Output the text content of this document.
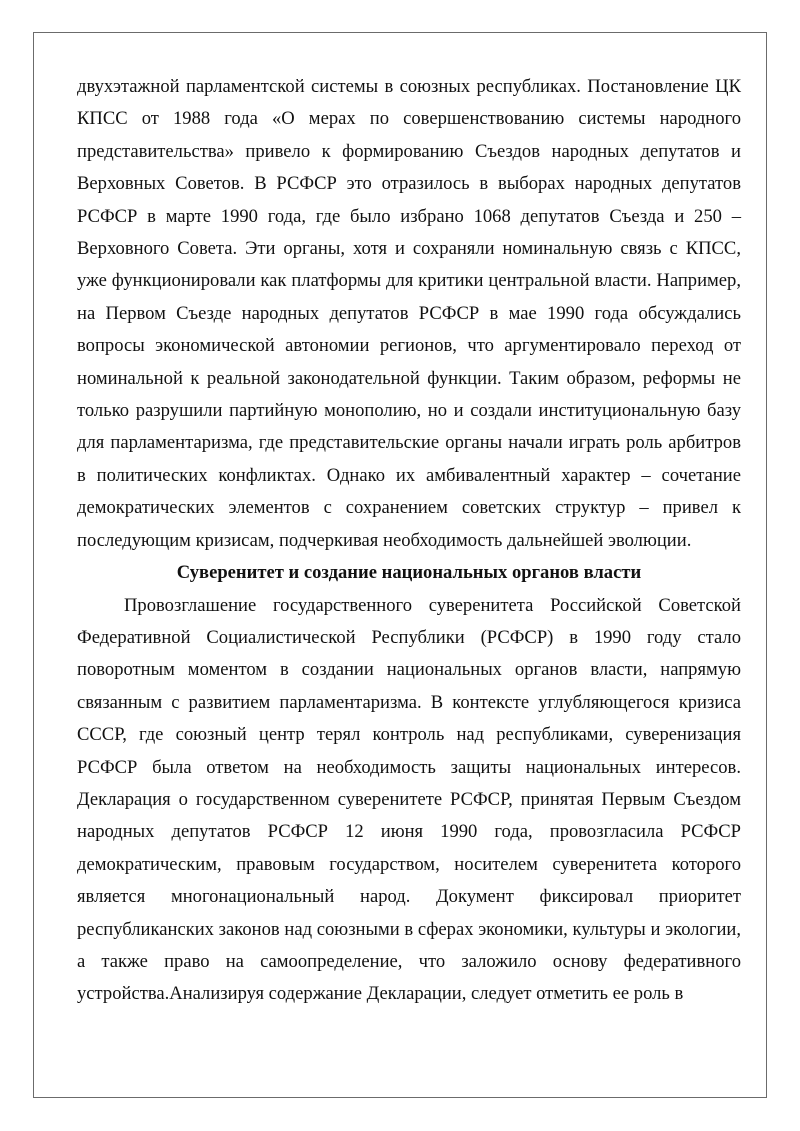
двухэтажной парламентской системы в союзных республиках. Постановление ЦК КПСС от 1988 года «О мерах по совершенствованию системы народного представительства» привело к формированию Съездов народных депутатов и Верховных Советов. В РСФСР это отразилось в выборах народных депутатов РСФСР в марте 1990 года, где было избрано 1068 депутатов Съезда и 250 – Верховного Совета. Эти органы, хотя и сохраняли номинальную связь с КПСС, уже функционировали как платформы для критики центральной власти. Например, на Первом Съезде народных депутатов РСФСР в мае 1990 года обсуждались вопросы экономической автономии регионов, что аргументировало переход от номинальной к реальной законодательной функции. Таким образом, реформы не только разрушили партийную монополию, но и создали институциональную базу для парламентаризма, где представительские органы начали играть роль арбитров в политических конфликтах. Однако их амбивалентный характер – сочетание демократических элементов с сохранением советских структур – привел к последующим кризисам, подчеркивая необходимость дальнейшей эволюции.

Суверенитет и создание национальных органов власти

Провозглашение государственного суверенитета Российской Советской Федеративной Социалистической Республики (РСФСР) в 1990 году стало поворотным моментом в создании национальных органов власти, напрямую связанным с развитием парламентаризма. В контексте углубляющегося кризиса СССР, где союзный центр терял контроль над республиками, суверенизация РСФСР была ответом на необходимость защиты национальных интересов. Декларация о государственном суверенитете РСФСР, принятая Первым Съездом народных депутатов РСФСР 12 июня 1990 года, провозгласила РСФСР демократическим, правовым государством, носителем суверенитета которого является многонациональный народ. Документ фиксировал приоритет республиканских законов над союзными в сферах экономики, культуры и экологии, а также право на самоопределение, что заложило основу федеративного устройства.Анализируя содержание Декларации, следует отметить ее роль в
